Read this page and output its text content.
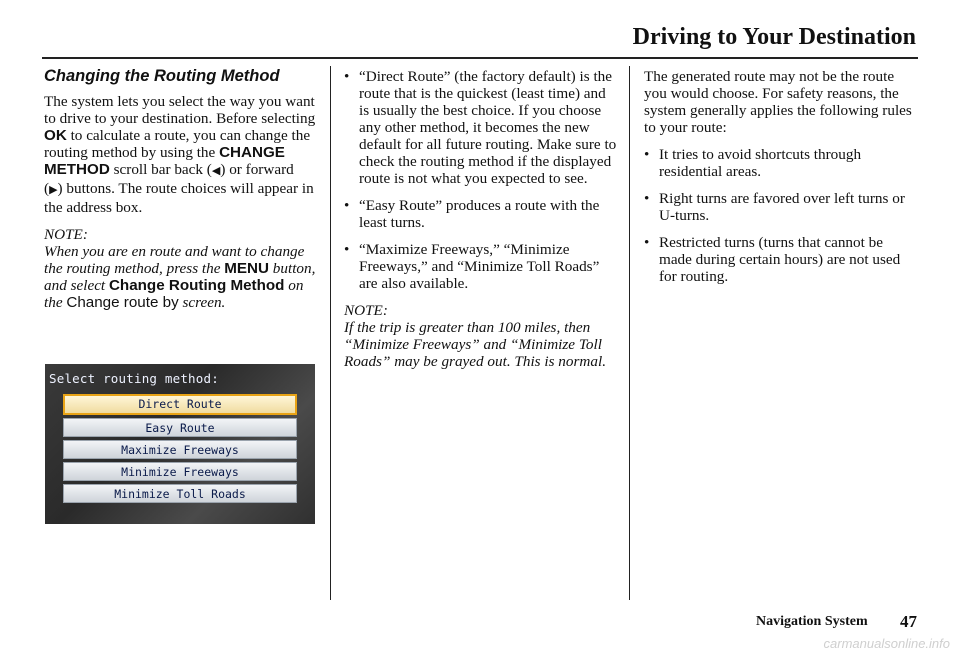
Driving to Your Destination
Changing the Routing Method

The system lets you select the way you want to drive to your destination. Before selecting OK to calculate a route, you can change the routing method by using the CHANGE METHOD scroll bar back (◀) or forward (▶) buttons. The route choices will appear in the address box.

NOTE:

When you are en route and want to change the routing method, press the MENU button, and select Change Routing Method on the Change route by screen.

Select routing method:
Direct Route
Easy Route
Maximize Freeways
Minimize Freeways
Minimize Toll Roads
• “Direct Route” (the factory default) is the route that is the quickest (least time) and is usually the best choice. If you choose any other method, it becomes the new default for all future routing. Make sure to check the routing method if the displayed route is not what you expected to see.
• “Easy Route” produces a route with the least turns.
• “Maximize Freeways,” “Minimize Freeways,” and “Minimize Toll Roads” are also available.

NOTE:

If the trip is greater than 100 miles, then “Minimize Freeways” and “Minimize Toll Roads” may be grayed out. This is normal.

The generated route may not be the route you would choose. For safety reasons, the system generally applies the following rules to your route:

• It tries to avoid shortcuts through residential areas.
• Right turns are favored over left turns or U-turns.
• Restricted turns (turns that cannot be made during certain hours) are not used for routing.
Navigation System 47
carmanualsonline.info
